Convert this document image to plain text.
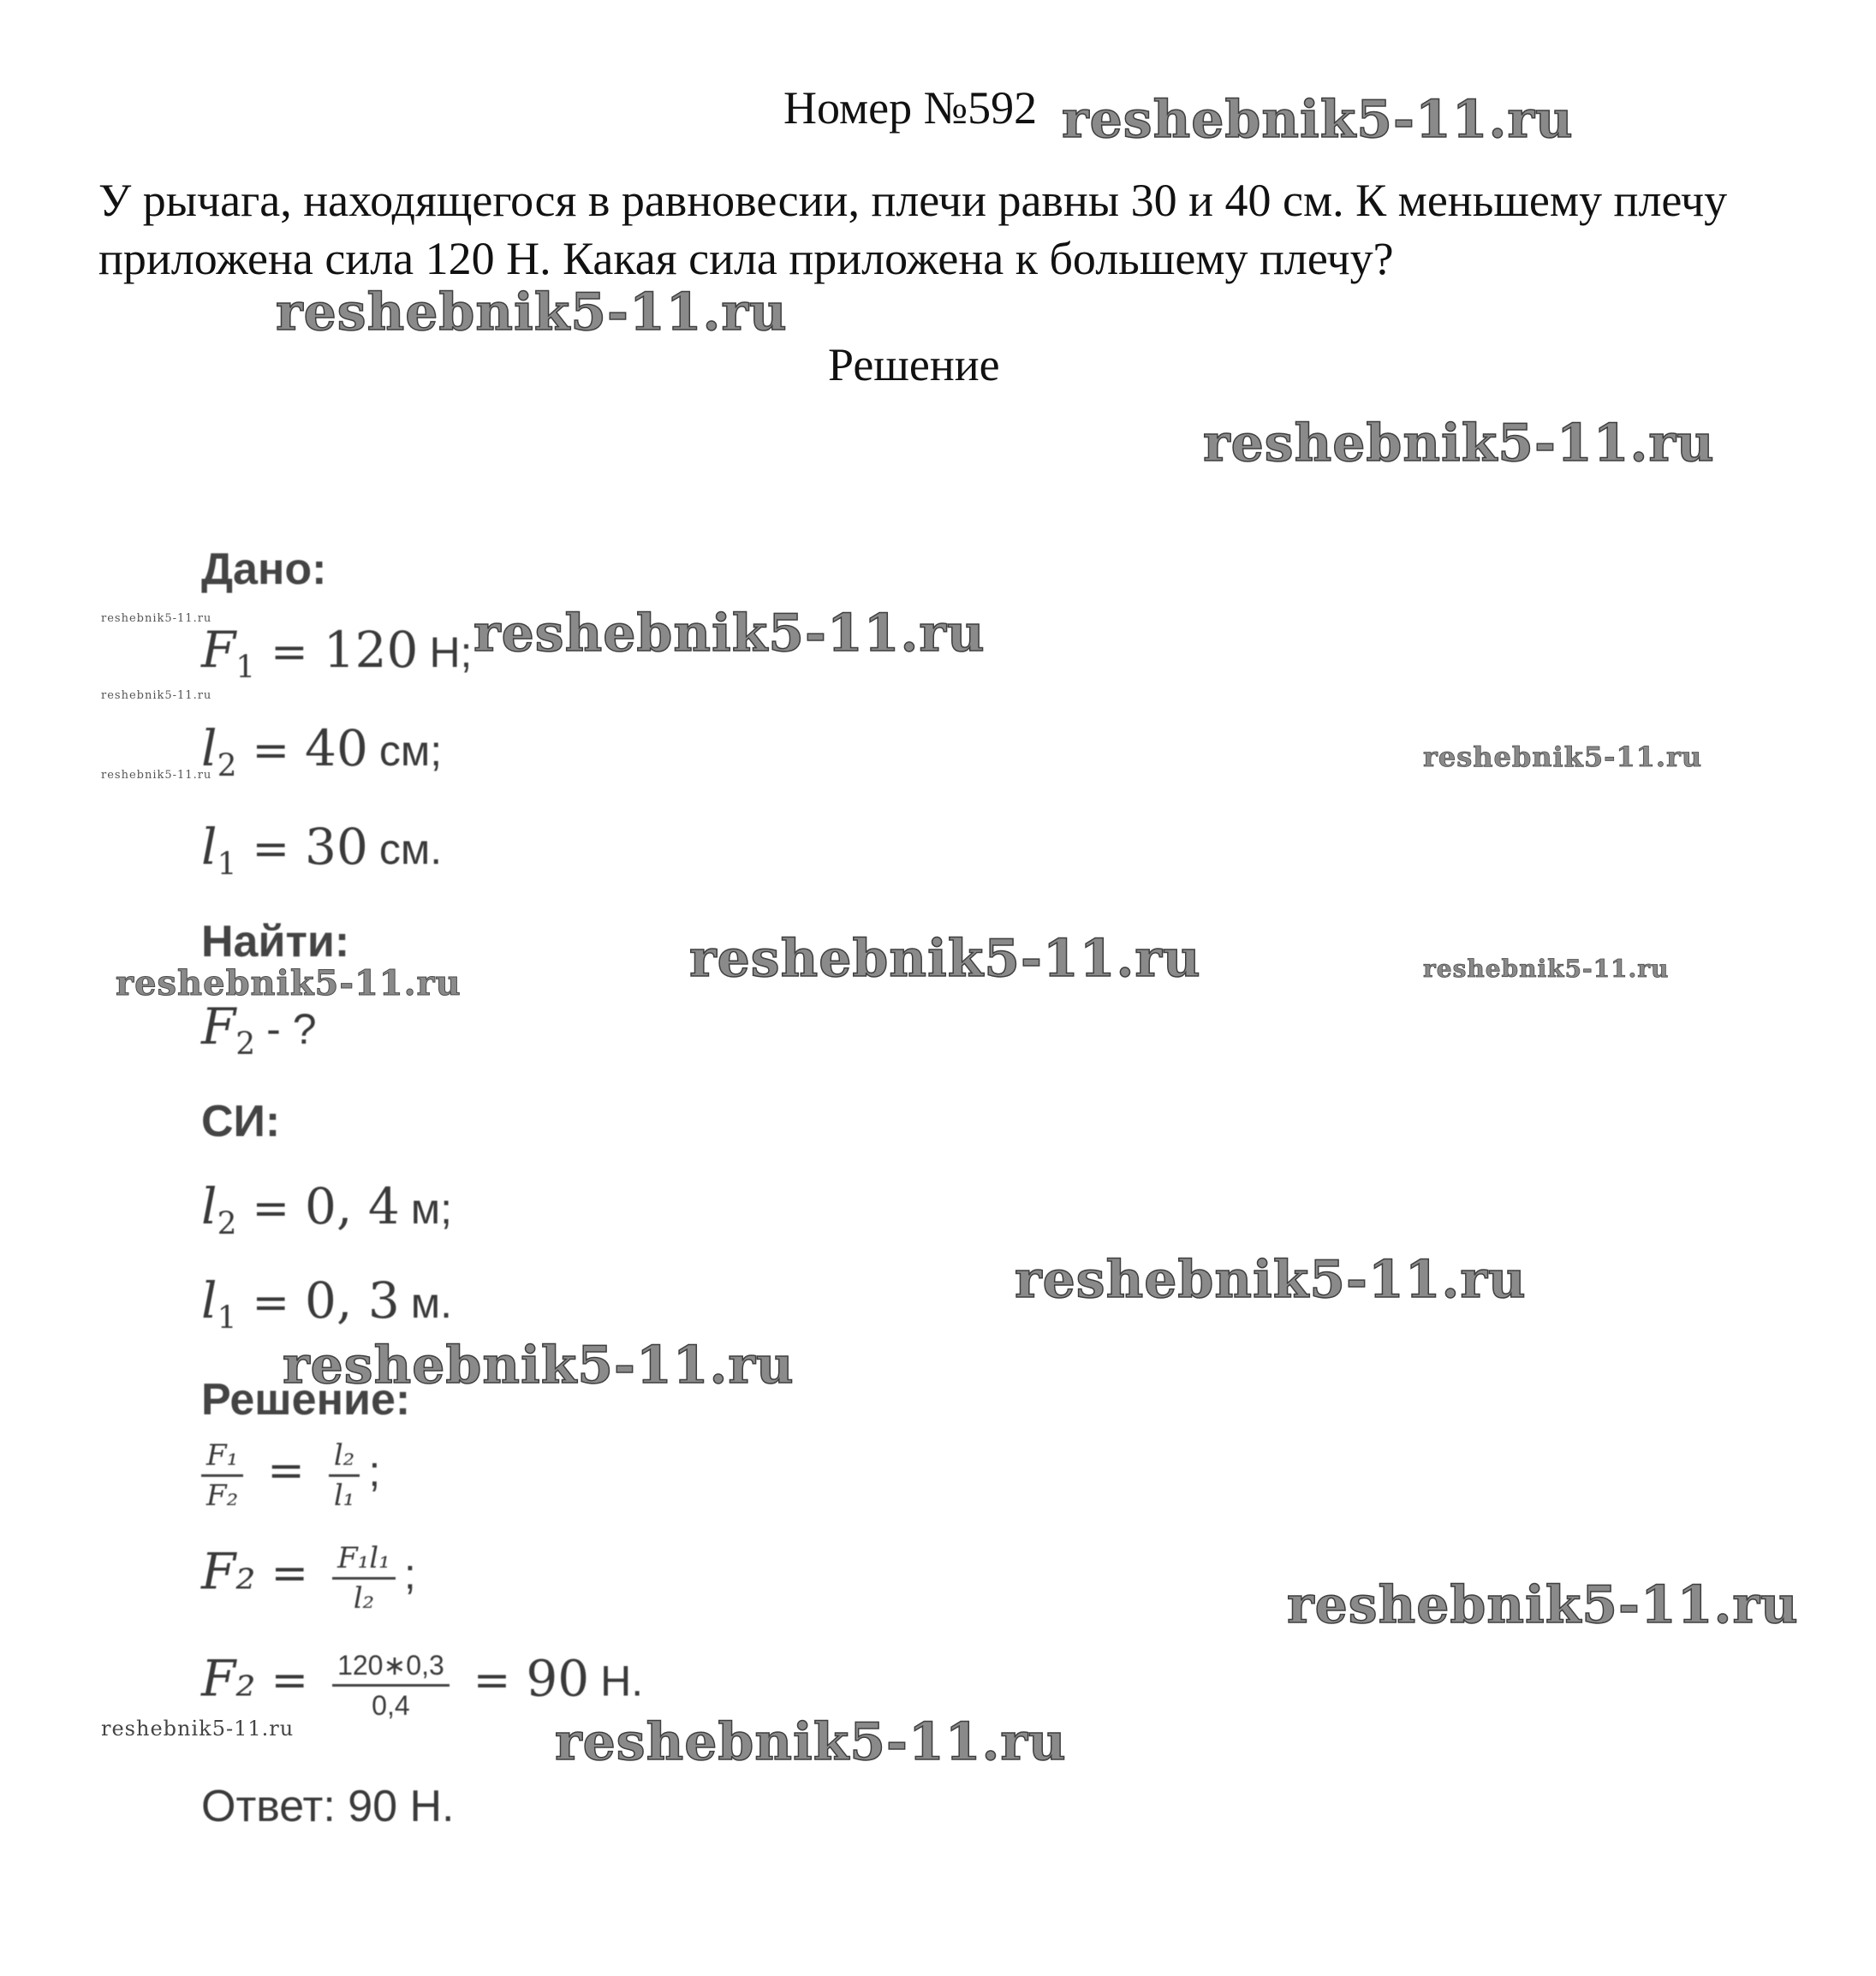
Номер №592
У рычага, находящегося в равновесии, плечи равны 30 и 40 см. К меньшему плечу приложена сила 120 Н. Какая сила приложена к большему плечу?
Решение
Дано:
$F_1 = 120$ Н;
$l_2 = 40$ см;
$l_1 = 30$ см.
Найти:
$F_2$ - ?
СИ:
$l_2 = 0$, 4 м;
$l_1 = 0$, 3 м.
Решение:
$\frac{\text{F₁}}{\text{F₂}} = \frac{\text{l₂}}{\text{l₁}}$ ;
$F_2 = \frac{\text{F₁l₁}}{\text{l₂}}$ ;
$F_2 = \frac{120∗0,3}{0,4} = 90$ Н.
Ответ: 90 Н.
reshebnik5-11.ru
reshebnik5-11.ru
reshebnik5-11.ru
reshebnik5-11.ru
reshebnik5-11.ru
reshebnik5-11.ru
reshebnik5-11.ru	reshebnik5-11.ru
reshebnik5-11.ru
reshebnik5-11.ru
reshebnik5-11.ru
reshebnik5-11.ru
reshebnik5-11.ru
reshebnik5-11.ru
reshebnik5-11.ru
reshebnik5-11.ru
